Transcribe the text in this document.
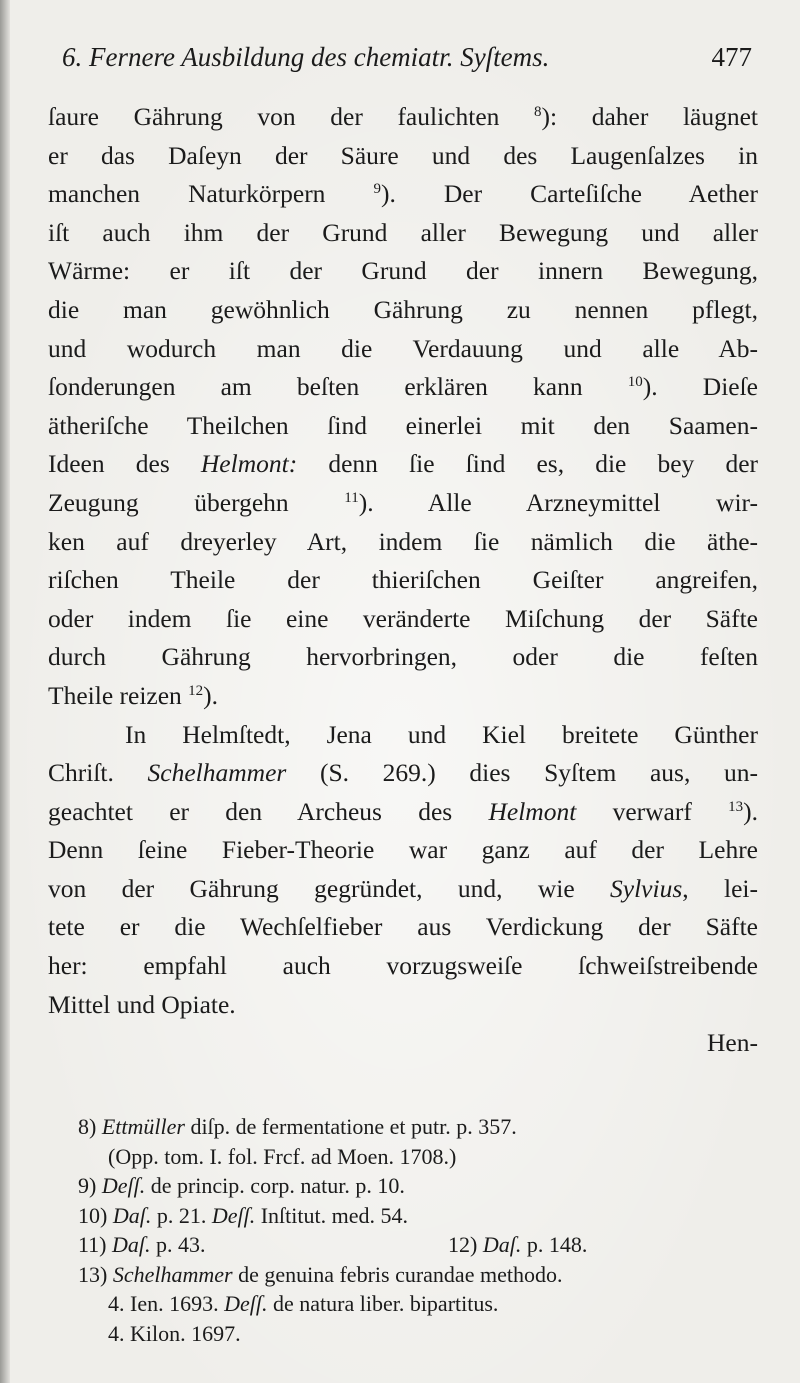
6. Fernere Ausbildung des chemiatr. Syſtems.	477
ſaure Gährung von der faulichten $^8$): daher läugnet
er das Daſeyn der Säure und des Laugenſalzes in
manchen Naturkörpern $^9$). Der Carteſiſche Aether
iſt auch ihm der Grund aller Bewegung und aller
Wärme: er iſt der Grund der innern Bewegung,
die man gewöhnlich Gährung zu nennen pflegt,
und wodurch man die Verdauung und alle Ab-
ſonderungen am beſten erklären kann $^{10}$). Dieſe
ätheriſche Theilchen ſind einerlei mit den Saamen-
Ideen des Helmont: denn ſie ſind es, die bey der
Zeugung übergehn $^{11}$). Alle Arzneymittel wir-
ken auf dreyerley Art, indem ſie nämlich die äthe-
riſchen Theile der thieriſchen Geiſter angreifen,
oder indem ſie eine veränderte Miſchung der Säfte
durch Gährung hervorbringen, oder die feſten
Theile reizen $^{12}$).
In Helmſtedt, Jena und Kiel breitete Günther
Chriſt. Schelhammer (S. 269.) dies Syſtem aus, un-
geachtet er den Archeus des Helmont verwarf $^{13}$).
Denn ſeine Fieber-Theorie war ganz auf der Lehre
von der Gährung gegründet, und, wie Sylvius, lei-
tete er die Wechſelfieber aus Verdickung der Säfte
her: empfahl auch vorzugsweiſe ſchweiſstreibende
Mittel und Opiate.
Hen-
8) Ettmüller diſp. de fermentatione et putr. p. 357.
(Opp. tom. I. fol. Frcf. ad Moen. 1708.)
9) Deſſ. de princip. corp. natur. p. 10.
10) Daſ. p. 21. Deſſ. Inſtitut. med. 54.
11) Daſ. p. 43.	12) Daſ. p. 148.
13) Schelhammer de genuina febris curandae methodo.
4. Ien. 1693. Deſſ. de natura liber. bipartitus.
4. Kilon. 1697.
